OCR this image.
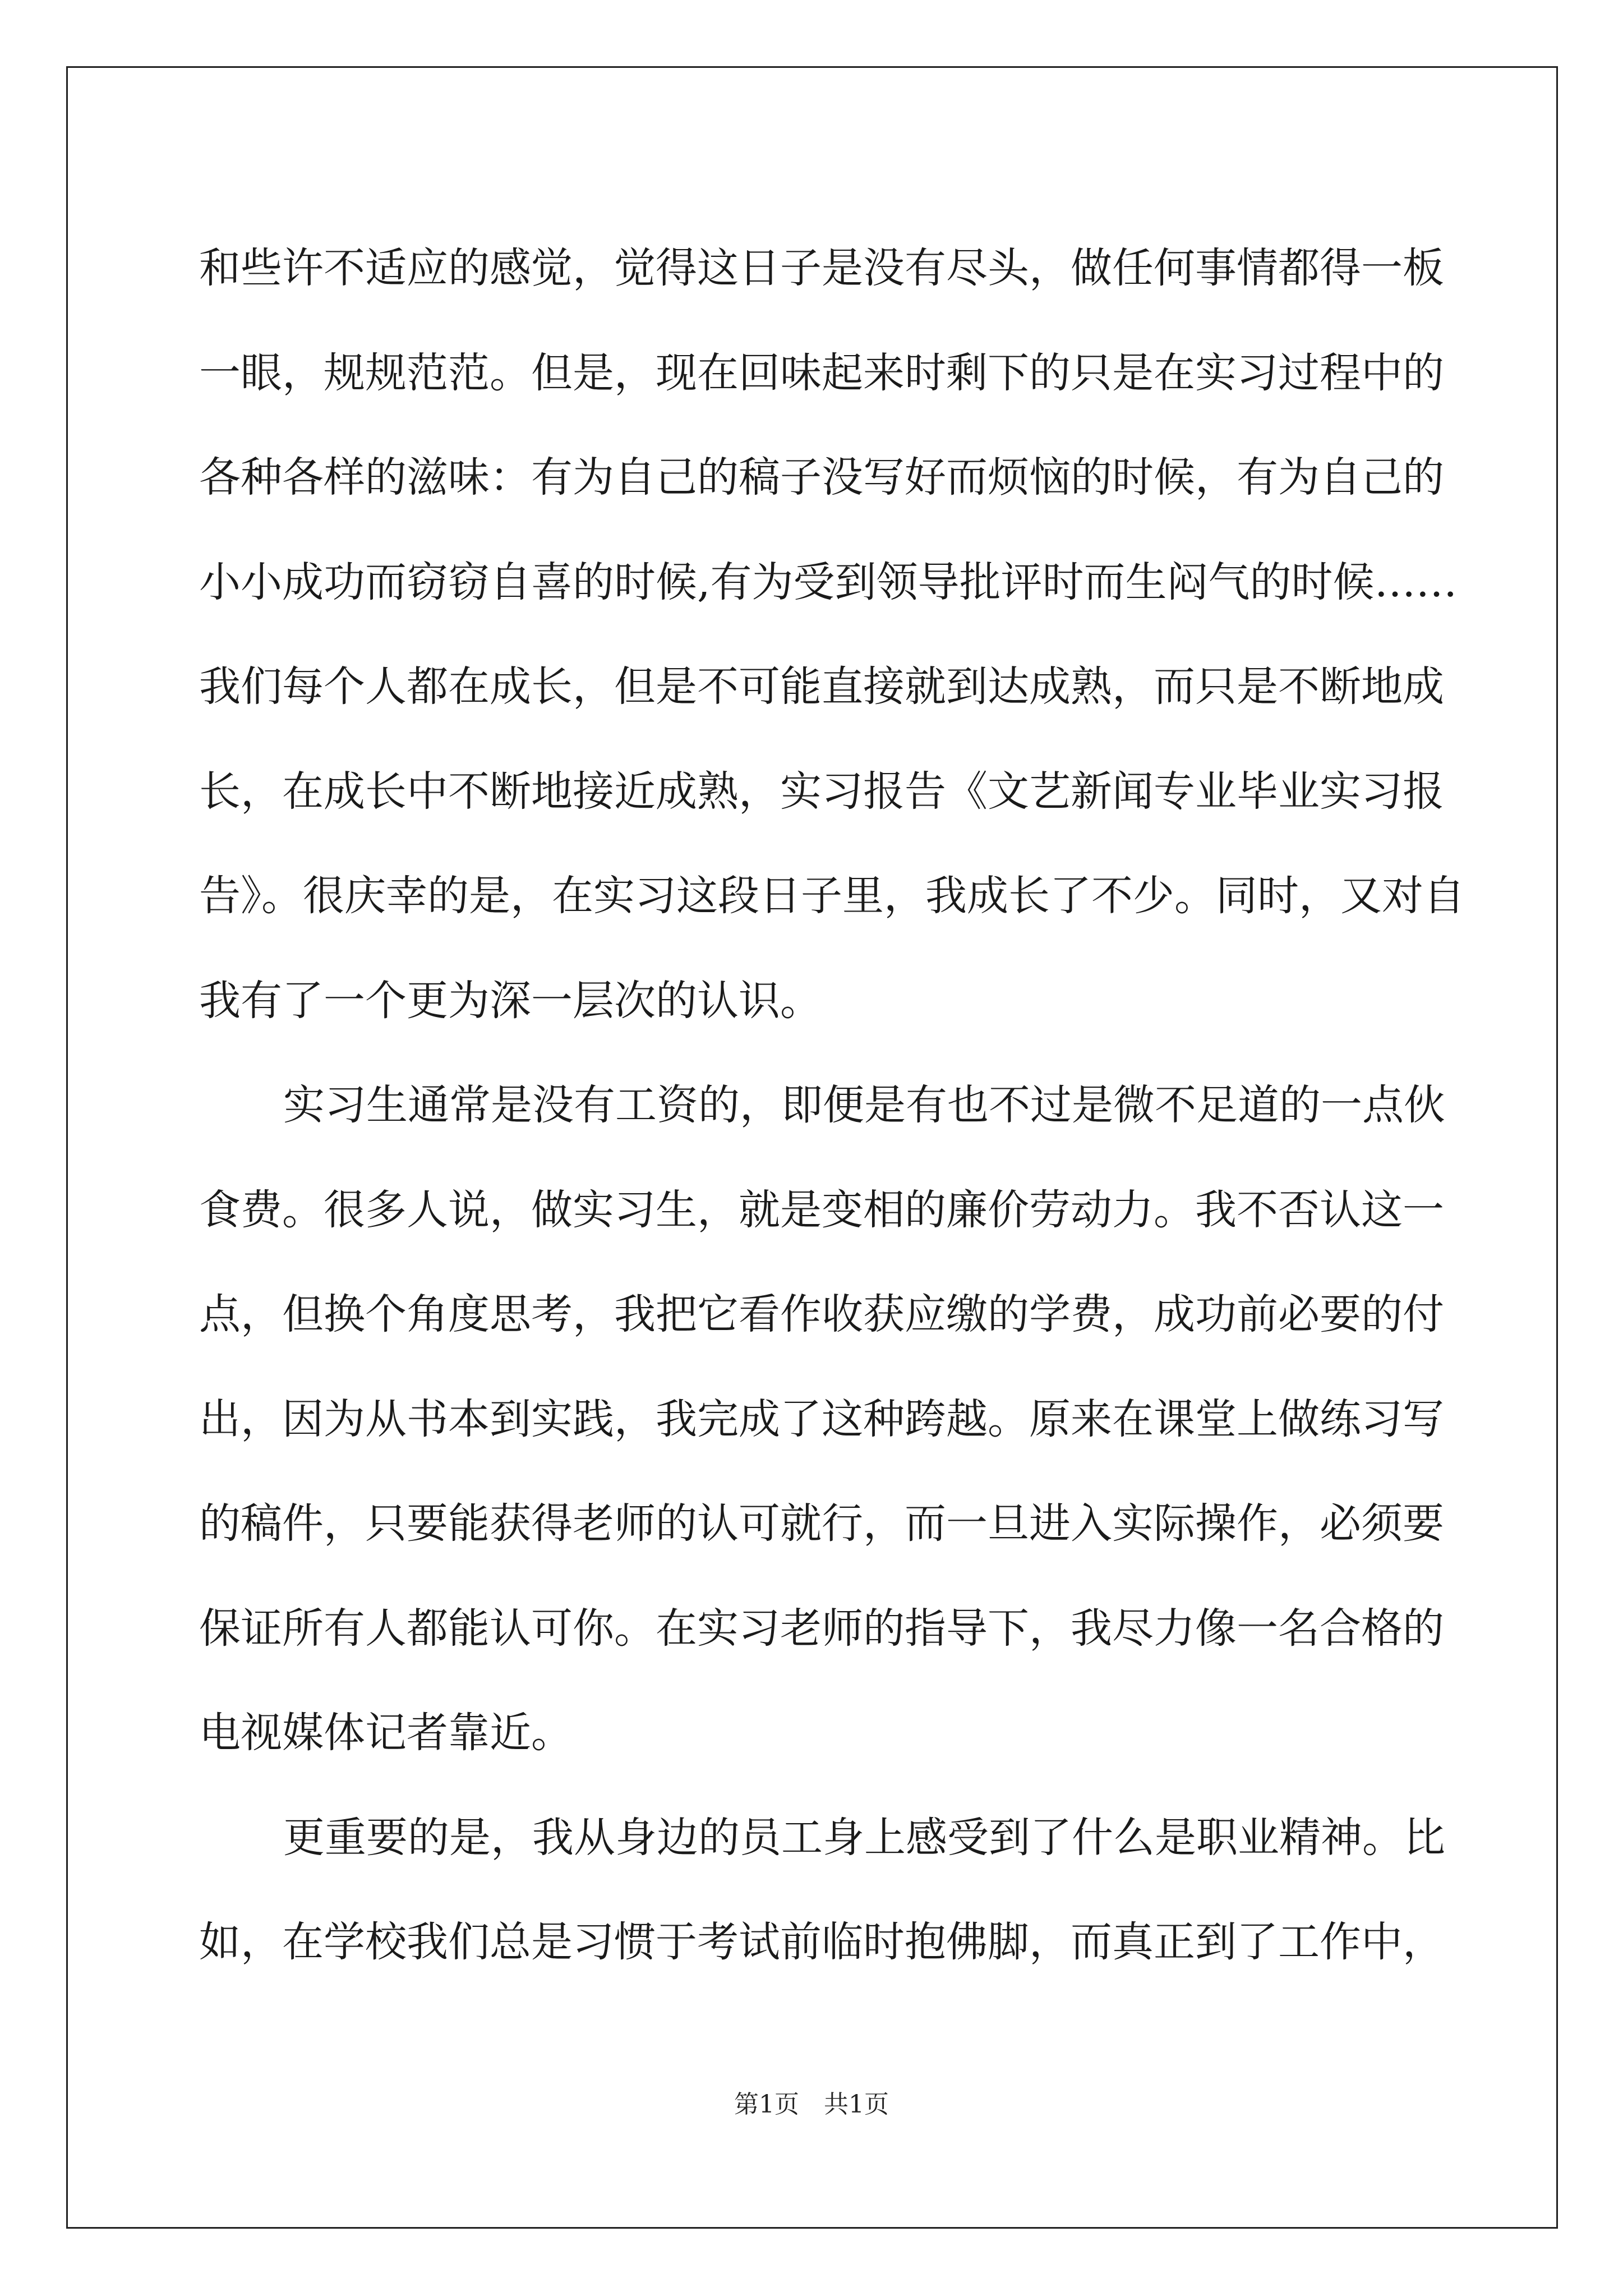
和些许不适应的感觉，觉得这日子是没有尽头，做任何事情都得一板
一眼，规规范范。但是，现在回味起来时剩下的只是在实习过程中的
各种各样的滋味：有为自己的稿子没写好而烦恼的时候，有为自己的
小小成功而窃窃自喜的时候,有为受到领导批评时而生闷气的时候……
我们每个人都在成长，但是不可能直接就到达成熟，而只是不断地成
长，在成长中不断地接近成熟，实习报告《文艺新闻专业毕业实习报
告》。很庆幸的是，在实习这段日子里，我成长了不少。同时，又对自
我有了一个更为深一层次的认识。
实习生通常是没有工资的，即便是有也不过是微不足道的一点伙
食费。很多人说，做实习生，就是变相的廉价劳动力。我不否认这一
点，但换个角度思考，我把它看作收获应缴的学费，成功前必要的付
出，因为从书本到实践，我完成了这种跨越。原来在课堂上做练习写
的稿件，只要能获得老师的认可就行，而一旦进入实际操作，必须要
保证所有人都能认可你。在实习老师的指导下，我尽力像一名合格的
电视媒体记者靠近。
更重要的是，我从身边的员工身上感受到了什么是职业精神。比
如，在学校我们总是习惯于考试前临时抱佛脚，而真正到了工作中，
第1页　共1页
